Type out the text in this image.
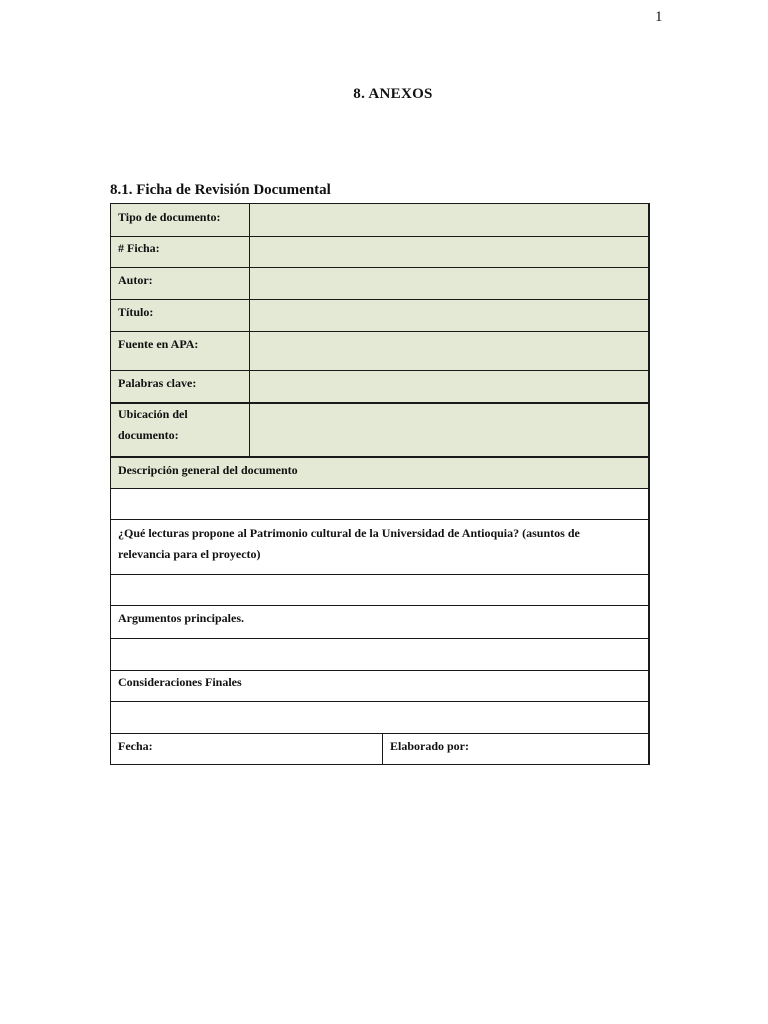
1
8. ANEXOS
8.1. Ficha de Revisión Documental
Tipo de documento:
# Ficha:
Autor:
Título:
Fuente en APA:
Palabras clave:
Ubicación del documento:
Descripción general del documento
¿Qué lecturas propone al Patrimonio cultural de la Universidad de Antioquia? (asuntos de relevancia para el proyecto)
Argumentos principales.
Consideraciones Finales
Fecha:	Elaborado por:
